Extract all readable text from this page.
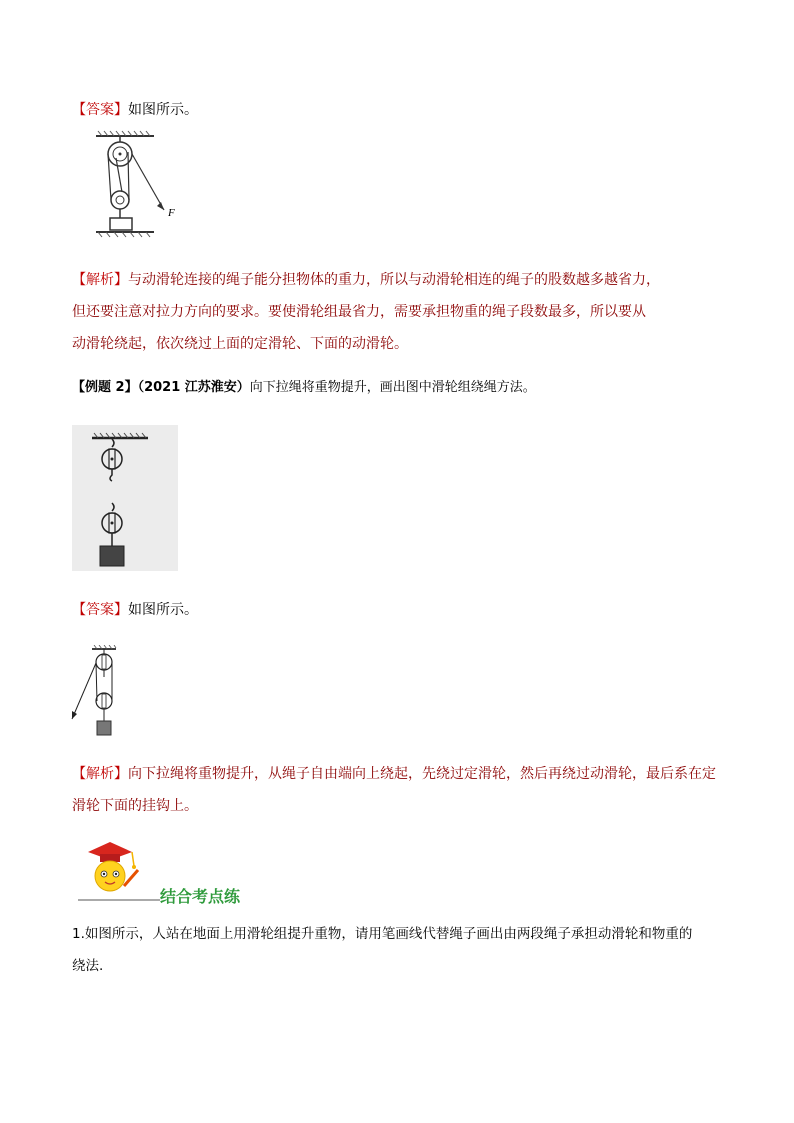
【答案】如图所示。
F
【解析】与动滑轮连接的绳子能分担物体的重力，所以与动滑轮相连的绳子的股数越多越省力，
但还要注意对拉力方向的要求。要使滑轮组最省力，需要承担物重的绳子段数最多，所以要从
动滑轮绕起，依次绕过上面的定滑轮、下面的动滑轮。
【例题 2】（2021 江苏淮安）向下拉绳将重物提升，画出图中滑轮组绕绳方法。
【答案】如图所示。
【解析】向下拉绳将重物提升，从绳子自由端向上绕起，先绕过定滑轮，然后再绕过动滑轮，最后系在定
滑轮下面的挂钩上。
结合考点练
1.如图所示，人站在地面上用滑轮组提升重物，请用笔画线代替绳子画出由两段绳子承担动滑轮和物重的
绕法.
